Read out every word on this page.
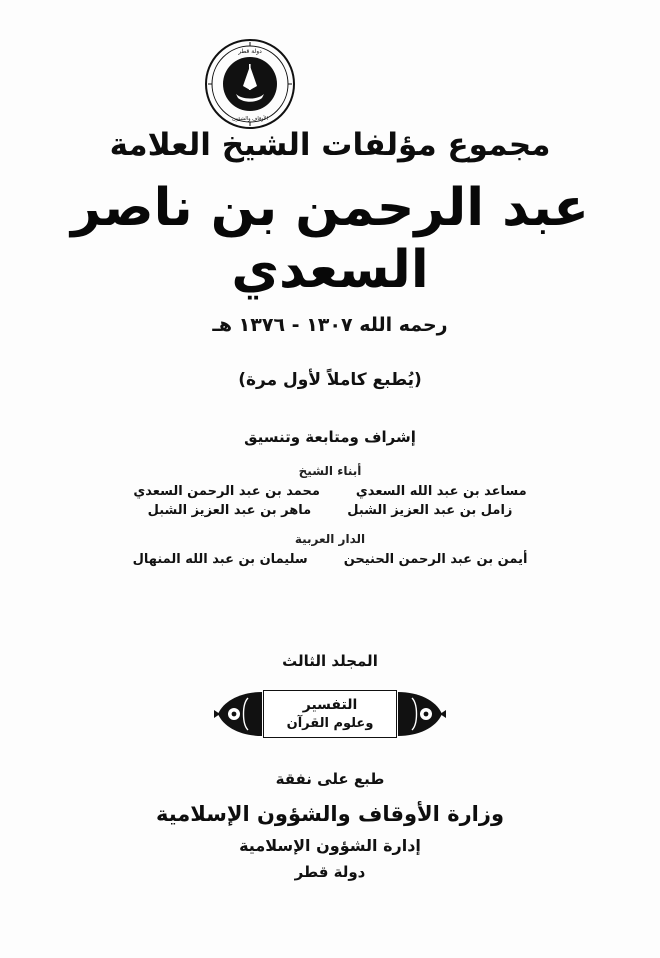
دولة قطر
الأوقاف والشؤون
مجموع مؤلفات الشيخ العلامة
عبد الرحمن بن ناصر السعدي
رحمه الله ١٣٠٧ - ١٣٧٦ هـ
(يُطبع كاملاً لأول مرة)
إشراف ومتابعة وتنسيق
أبناء الشيخ
مساعد بن عبد الله السعدي
محمد بن عبد الرحمن السعدي
زامل بن عبد العزيز الشبل
ماهر بن عبد العزيز الشبل
الدار العربية
أيمن بن عبد الرحمن الحنيحن
سليمان بن عبد الله المنهال
المجلد الثالث
التفسير
وعلوم القرآن
طبع على نفقة
وزارة الأوقاف والشؤون الإسلامية
إدارة الشؤون الإسلامية
دولة قطر
